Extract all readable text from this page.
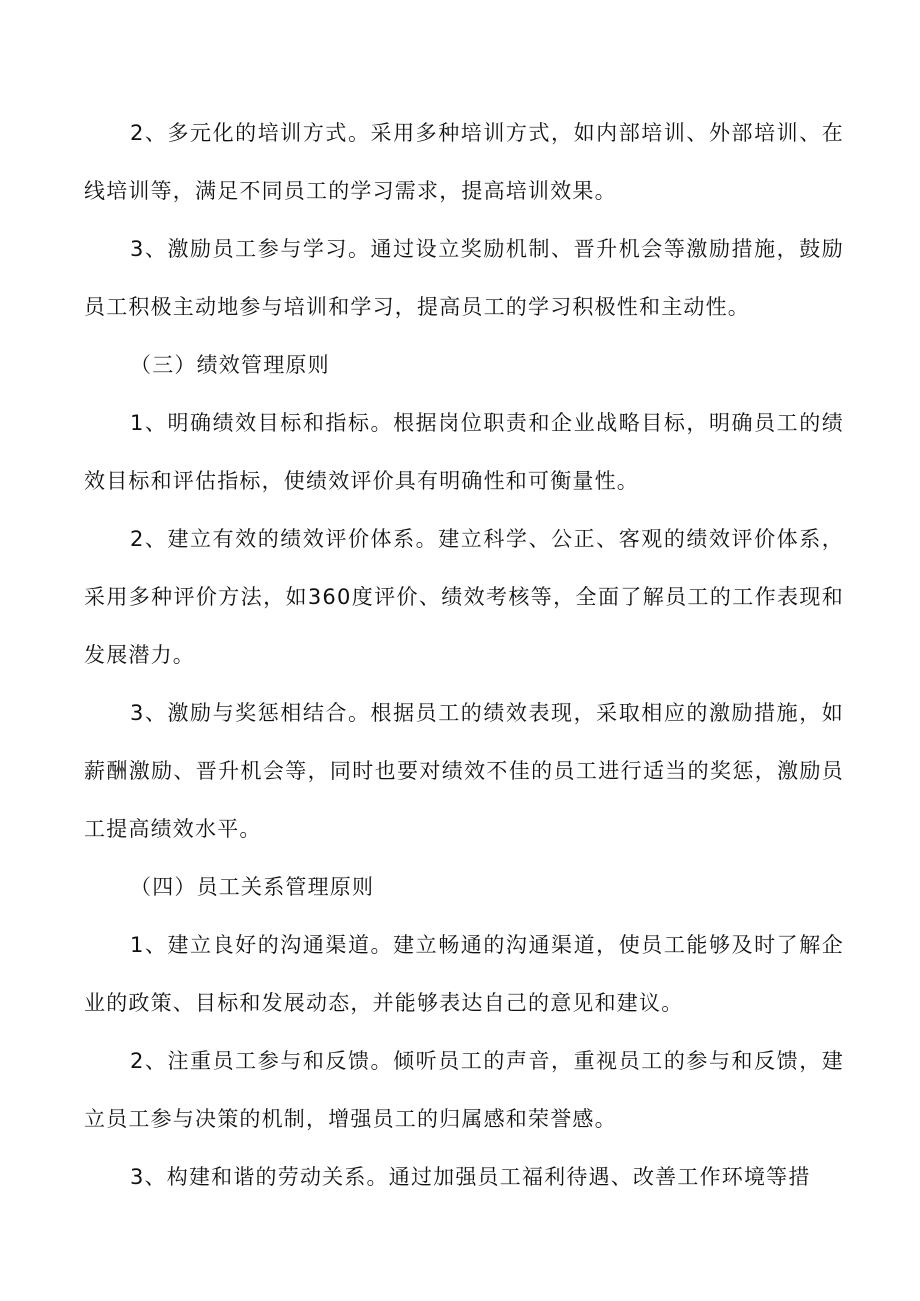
2、多元化的培训方式。采用多种培训方式，如内部培训、外部培训、在线培训等，满足不同员工的学习需求，提高培训效果。

3、激励员工参与学习。通过设立奖励机制、晋升机会等激励措施，鼓励员工积极主动地参与培训和学习，提高员工的学习积极性和主动性。

（三）绩效管理原则

1、明确绩效目标和指标。根据岗位职责和企业战略目标，明确员工的绩效目标和评估指标，使绩效评价具有明确性和可衡量性。

2、建立有效的绩效评价体系。建立科学、公正、客观的绩效评价体系，采用多种评价方法，如360度评价、绩效考核等，全面了解员工的工作表现和发展潜力。

3、激励与奖惩相结合。根据员工的绩效表现，采取相应的激励措施，如薪酬激励、晋升机会等，同时也要对绩效不佳的员工进行适当的奖惩，激励员工提高绩效水平。

（四）员工关系管理原则

1、建立良好的沟通渠道。建立畅通的沟通渠道，使员工能够及时了解企业的政策、目标和发展动态，并能够表达自己的意见和建议。

2、注重员工参与和反馈。倾听员工的声音，重视员工的参与和反馈，建立员工参与决策的机制，增强员工的归属感和荣誉感。

3、构建和谐的劳动关系。通过加强员工福利待遇、改善工作环境等措
